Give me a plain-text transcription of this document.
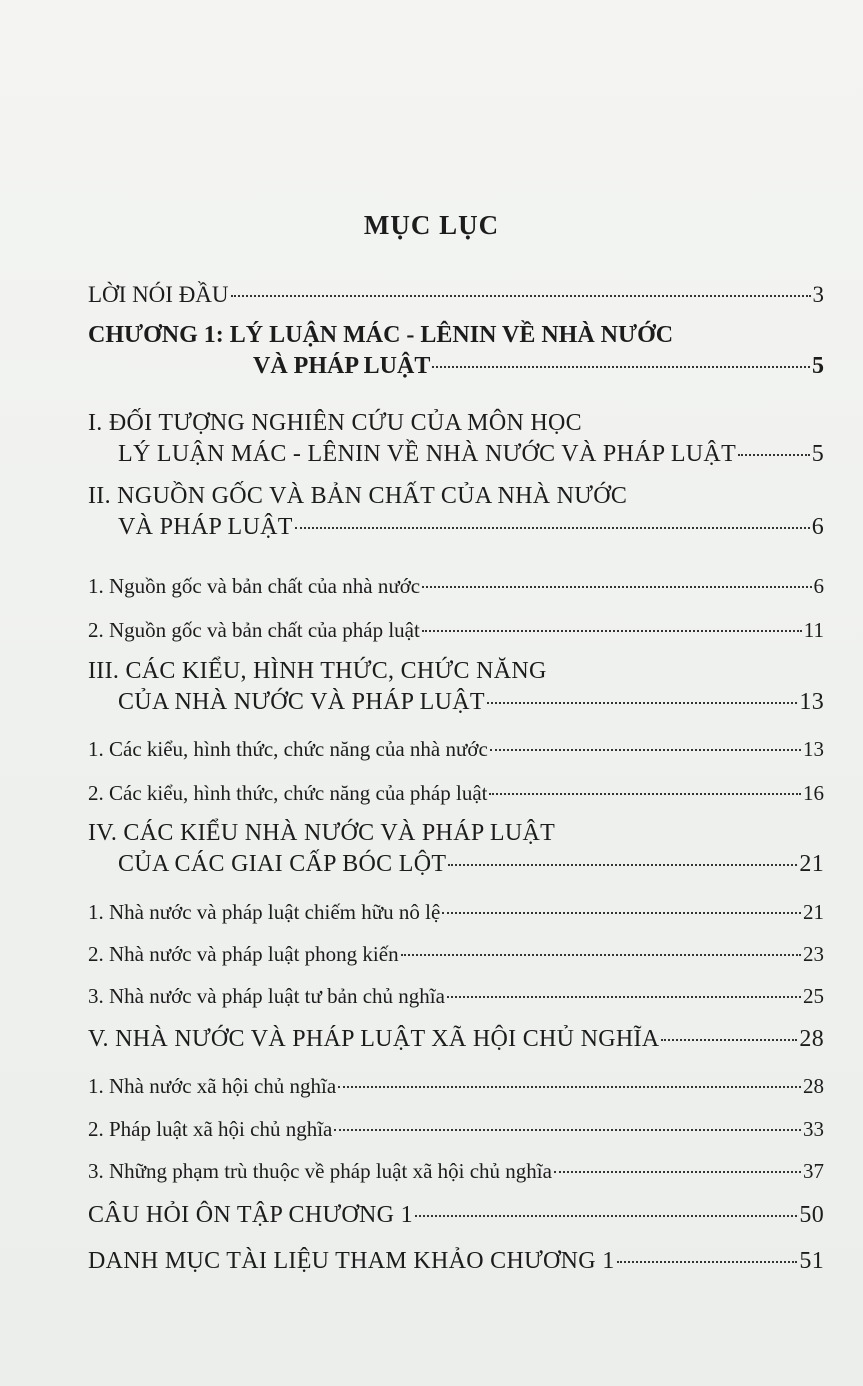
MỤC LỤC
LỜI NÓI ĐẦU	3
CHƯƠNG 1: LÝ LUẬN MÁC - LÊNIN VỀ NHÀ NƯỚC
VÀ PHÁP LUẬT	5
I. ĐỐI TƯỢNG NGHIÊN CỨU CỦA MÔN HỌC
LÝ LUẬN MÁC - LÊNIN VỀ NHÀ NƯỚC VÀ PHÁP LUẬT	5
II. NGUỒN GỐC VÀ BẢN CHẤT CỦA NHÀ NƯỚC
VÀ PHÁP LUẬT	6
1. Nguồn gốc và bản chất của nhà nước	6
2. Nguồn gốc và bản chất của pháp luật	11
III. CÁC KIỂU, HÌNH THỨC, CHỨC NĂNG
CỦA NHÀ NƯỚC VÀ PHÁP LUẬT	13
1. Các kiểu, hình thức, chức năng của nhà nước	13
2. Các kiểu, hình thức, chức năng của pháp luật	16
IV. CÁC KIỂU NHÀ NƯỚC VÀ PHÁP LUẬT
CỦA CÁC GIAI CẤP BÓC LỘT	21
1. Nhà nước và pháp luật chiếm hữu nô lệ	21
2. Nhà nước và pháp luật phong kiến	23
3. Nhà nước và pháp luật tư bản chủ nghĩa	25
V. NHÀ NƯỚC VÀ PHÁP LUẬT XÃ HỘI CHỦ NGHĨA	28
1. Nhà nước xã hội chủ nghĩa	28
2. Pháp luật xã hội chủ nghĩa	33
3. Những phạm trù thuộc về pháp luật xã hội chủ nghĩa	37
CÂU HỎI ÔN TẬP CHƯƠNG 1	50
DANH MỤC TÀI LIỆU THAM KHẢO CHƯƠNG 1	51
